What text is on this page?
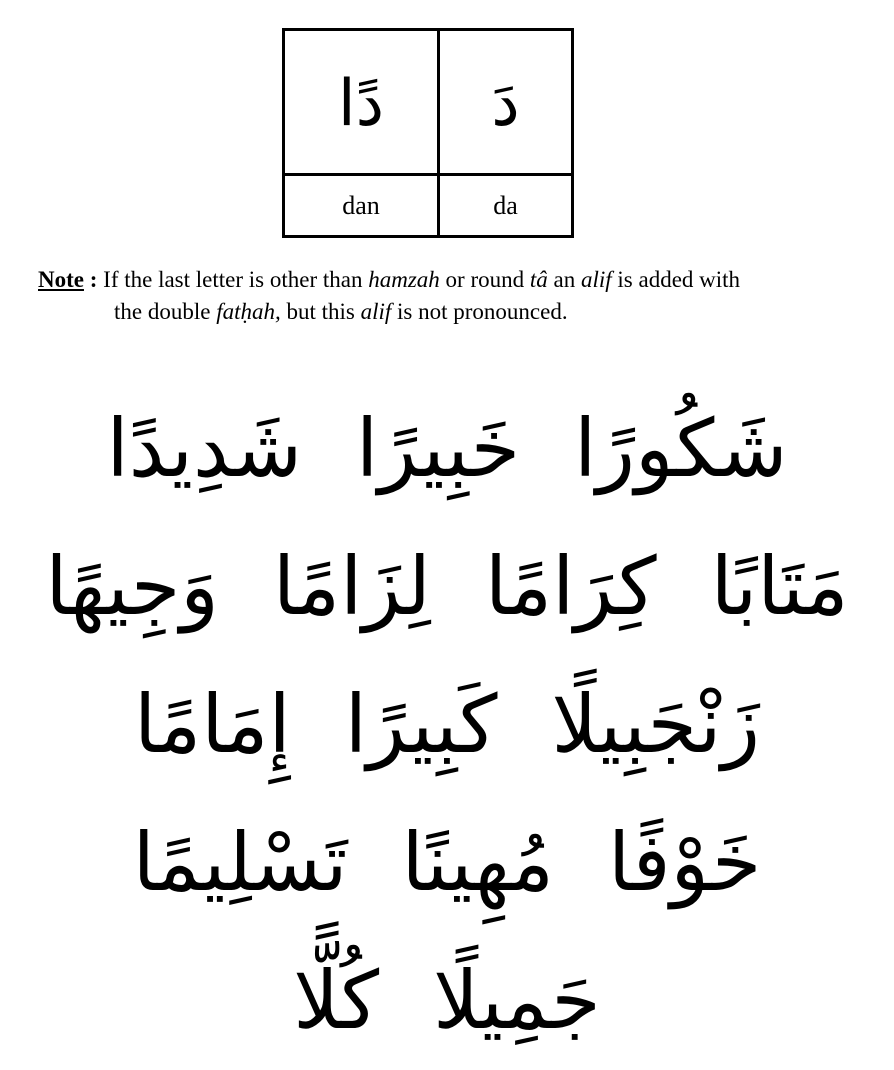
دًا	دَ
dan	da
Note : If the last letter is other than hamzah or round tâ an alif is added with
the double fatḥah, but this alif is not pronounced.
شَكُورًا
خَبِيرًا
شَدِيدًا
مَتَابًا
كِرَامًا
لِزَامًا
وَجِيهًا
زَنْجَبِيلًا
كَبِيرًا
إِمَامًا
خَوْفًا
مُهِينًا
تَسْلِيمًا
جَمِيلًا
كُلًّا
